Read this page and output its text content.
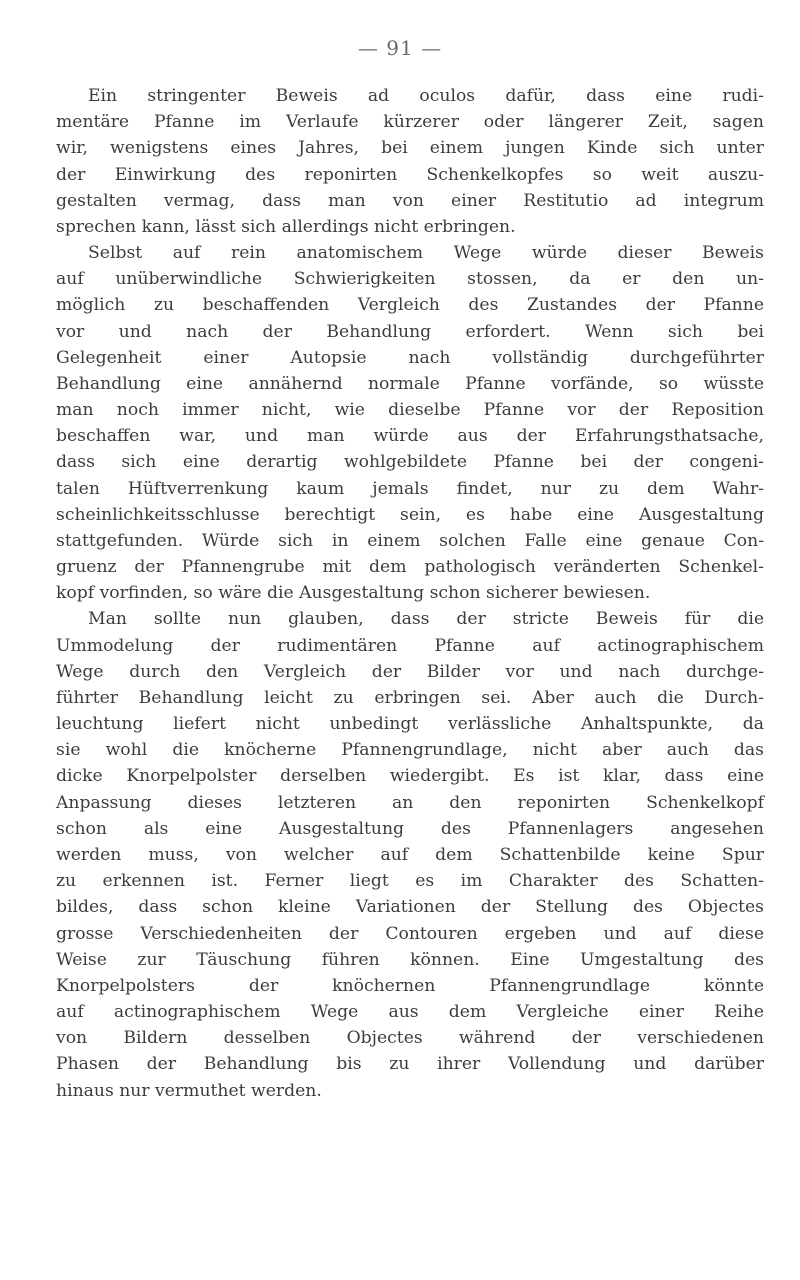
— 91 —
Ein stringenter Beweis ad oculos dafür, dass eine rudi-
mentäre Pfanne im Verlaufe kürzerer oder längerer Zeit, sagen
wir, wenigstens eines Jahres, bei einem jungen Kinde sich unter
der Einwirkung des reponirten Schenkelkopfes so weit auszu-
gestalten vermag, dass man von einer Restitutio ad integrum
sprechen kann, lässt sich allerdings nicht erbringen.
Selbst auf rein anatomischem Wege würde dieser Beweis
auf unüberwindliche Schwierigkeiten stossen, da er den un-
möglich zu beschaffenden Vergleich des Zustandes der Pfanne
vor und nach der Behandlung erfordert. Wenn sich bei
Gelegenheit einer Autopsie nach vollständig durchgeführter
Behandlung eine annähernd normale Pfanne vorfände, so wüsste
man noch immer nicht, wie dieselbe Pfanne vor der Reposition
beschaffen war, und man würde aus der Erfahrungsthatsache,
dass sich eine derartig wohlgebildete Pfanne bei der congeni-
talen Hüftverrenkung kaum jemals findet, nur zu dem Wahr-
scheinlichkeitsschlusse berechtigt sein, es habe eine Ausgestaltung
stattgefunden. Würde sich in einem solchen Falle eine genaue Con-
gruenz der Pfannengrube mit dem pathologisch veränderten Schenkel-
kopf vorfinden, so wäre die Ausgestaltung schon sicherer bewiesen.
Man sollte nun glauben, dass der stricte Beweis für die
Ummodelung der rudimentären Pfanne auf actinographischem
Wege durch den Vergleich der Bilder vor und nach durchge-
führter Behandlung leicht zu erbringen sei. Aber auch die Durch-
leuchtung liefert nicht unbedingt verlässliche Anhaltspunkte, da
sie wohl die knöcherne Pfannengrundlage, nicht aber auch das
dicke Knorpelpolster derselben wiedergibt. Es ist klar, dass eine
Anpassung dieses letzteren an den reponirten Schenkelkopf
schon als eine Ausgestaltung des Pfannenlagers angesehen
werden muss, von welcher auf dem Schattenbilde keine Spur
zu erkennen ist. Ferner liegt es im Charakter des Schatten-
bildes, dass schon kleine Variationen der Stellung des Objectes
grosse Verschiedenheiten der Contouren ergeben und auf diese
Weise zur Täuschung führen können. Eine Umgestaltung des
Knorpelpolsters der knöchernen Pfannengrundlage könnte
auf actinographischem Wege aus dem Vergleiche einer Reihe
von Bildern desselben Objectes während der verschiedenen
Phasen der Behandlung bis zu ihrer Vollendung und darüber
hinaus nur vermuthet werden.
